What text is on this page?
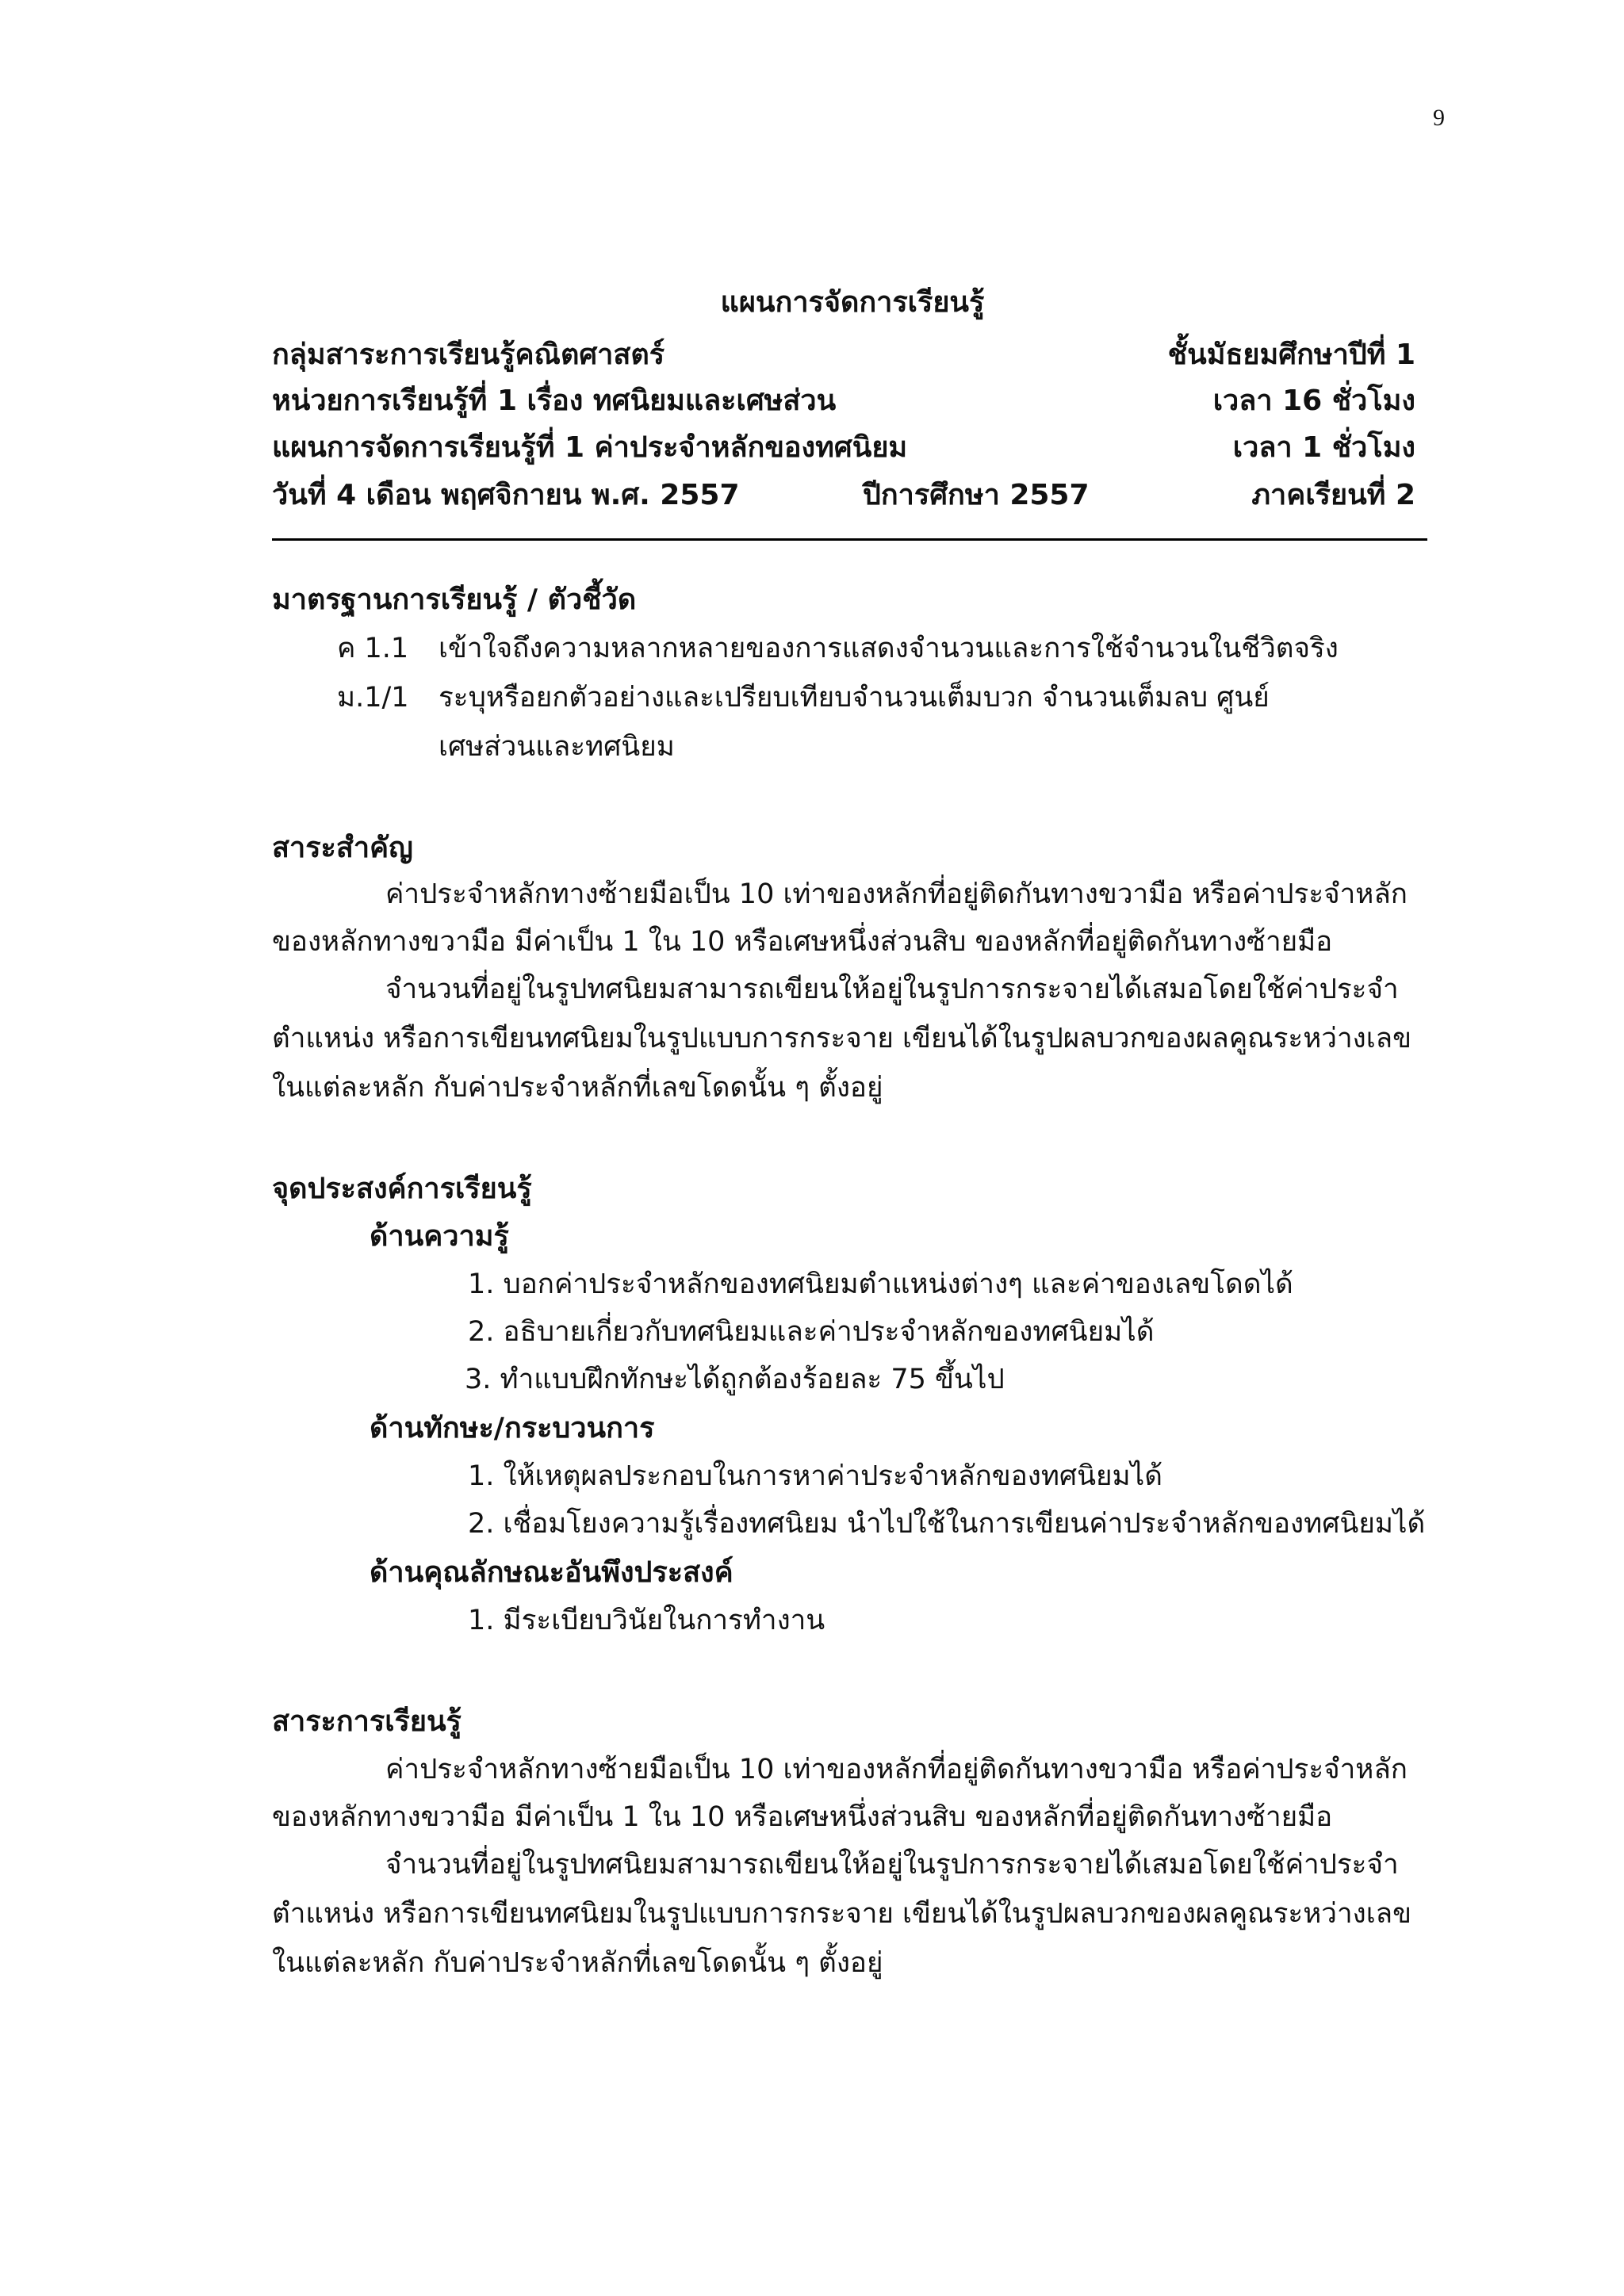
9
แผนการจัดการเรียนรู้
กลุ่มสาระการเรียนรู้คณิตศาสตร์	ชั้นมัธยมศึกษาปีที่ 1
หน่วยการเรียนรู้ที่ 1 เรื่อง ทศนิยมและเศษส่วน	เวลา 16 ชั่วโมง
แผนการจัดการเรียนรู้ที่ 1 ค่าประจำหลักของทศนิยม	เวลา 1 ชั่วโมง
วันที่ 4 เดือน พฤศจิกายน พ.ศ. 2557	ปีการศึกษา 2557	ภาคเรียนที่ 2
มาตรฐานการเรียนรู้ / ตัวชี้วัด
ค 1.1 เข้าใจถึงความหลากหลายของการแสดงจำนวนและการใช้จำนวนในชีวิตจริง
ม.1/1 ระบุหรือยกตัวอย่างและเปรียบเทียบจำนวนเต็มบวก จำนวนเต็มลบ ศูนย์
เศษส่วนและทศนิยม
สาระสำคัญ
ค่าประจำหลักทางซ้ายมือเป็น 10 เท่าของหลักที่อยู่ติดกันทางขวามือ หรือค่าประจำหลัก
ของหลักทางขวามือ มีค่าเป็น 1 ใน 10 หรือเศษหนึ่งส่วนสิบ ของหลักที่อยู่ติดกันทางซ้ายมือ
จำนวนที่อยู่ในรูปทศนิยมสามารถเขียนให้อยู่ในรูปการกระจายได้เสมอโดยใช้ค่าประจำ
ตำแหน่ง หรือการเขียนทศนิยมในรูปแบบการกระจาย เขียนได้ในรูปผลบวกของผลคูณระหว่างเลข
ในแต่ละหลัก กับค่าประจำหลักที่เลขโดดนั้น ๆ ตั้งอยู่
จุดประสงค์การเรียนรู้
ด้านความรู้
1. บอกค่าประจำหลักของทศนิยมตำแหน่งต่างๆ และค่าของเลขโดดได้
2. อธิบายเกี่ยวกับทศนิยมและค่าประจำหลักของทศนิยมได้
3. ทำแบบฝึกทักษะได้ถูกต้องร้อยละ 75 ขึ้นไป
ด้านทักษะ/กระบวนการ
1. ให้เหตุผลประกอบในการหาค่าประจำหลักของทศนิยมได้
2. เชื่อมโยงความรู้เรื่องทศนิยม นำไปใช้ในการเขียนค่าประจำหลักของทศนิยมได้
ด้านคุณลักษณะอันพึงประสงค์
1. มีระเบียบวินัยในการทำงาน
สาระการเรียนรู้
ค่าประจำหลักทางซ้ายมือเป็น 10 เท่าของหลักที่อยู่ติดกันทางขวามือ หรือค่าประจำหลัก
ของหลักทางขวามือ มีค่าเป็น 1 ใน 10 หรือเศษหนึ่งส่วนสิบ ของหลักที่อยู่ติดกันทางซ้ายมือ
จำนวนที่อยู่ในรูปทศนิยมสามารถเขียนให้อยู่ในรูปการกระจายได้เสมอโดยใช้ค่าประจำ
ตำแหน่ง หรือการเขียนทศนิยมในรูปแบบการกระจาย เขียนได้ในรูปผลบวกของผลคูณระหว่างเลข
ในแต่ละหลัก กับค่าประจำหลักที่เลขโดดนั้น ๆ ตั้งอยู่
